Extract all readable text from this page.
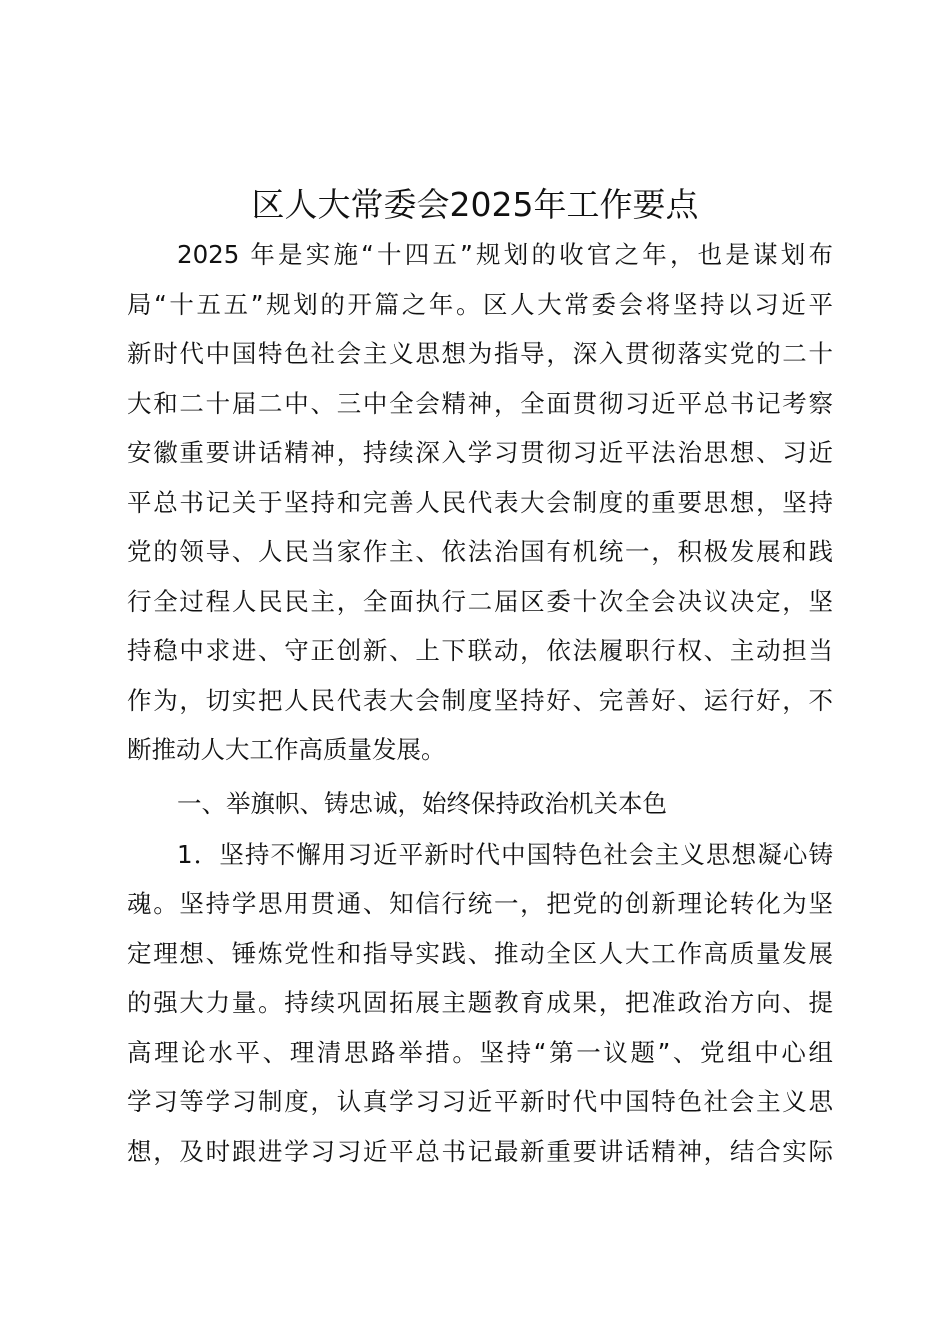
区人大常委会2025年工作要点
2025 年是实施“十四五”规划的收官之年，也是谋划布
局“十五五”规划的开篇之年。区人大常委会将坚持以习近平
新时代中国特色社会主义思想为指导，深入贯彻落实党的二十
大和二十届二中、三中全会精神，全面贯彻习近平总书记考察
安徽重要讲话精神，持续深入学习贯彻习近平法治思想、习近
平总书记关于坚持和完善人民代表大会制度的重要思想，坚持
党的领导、人民当家作主、依法治国有机统一，积极发展和践
行全过程人民民主，全面执行二届区委十次全会决议决定，坚
持稳中求进、守正创新、上下联动，依法履职行权、主动担当
作为，切实把人民代表大会制度坚持好、完善好、运行好，不
断推动人大工作高质量发展。
一、举旗帜、铸忠诚，始终保持政治机关本色
1．坚持不懈用习近平新时代中国特色社会主义思想凝心铸
魂。坚持学思用贯通、知信行统一，把党的创新理论转化为坚
定理想、锤炼党性和指导实践、推动全区人大工作高质量发展
的强大力量。持续巩固拓展主题教育成果，把准政治方向、提
高理论水平、理清思路举措。坚持“第一议题”、党组中心组
学习等学习制度，认真学习习近平新时代中国特色社会主义思
想，及时跟进学习习近平总书记最新重要讲话精神，结合实际
